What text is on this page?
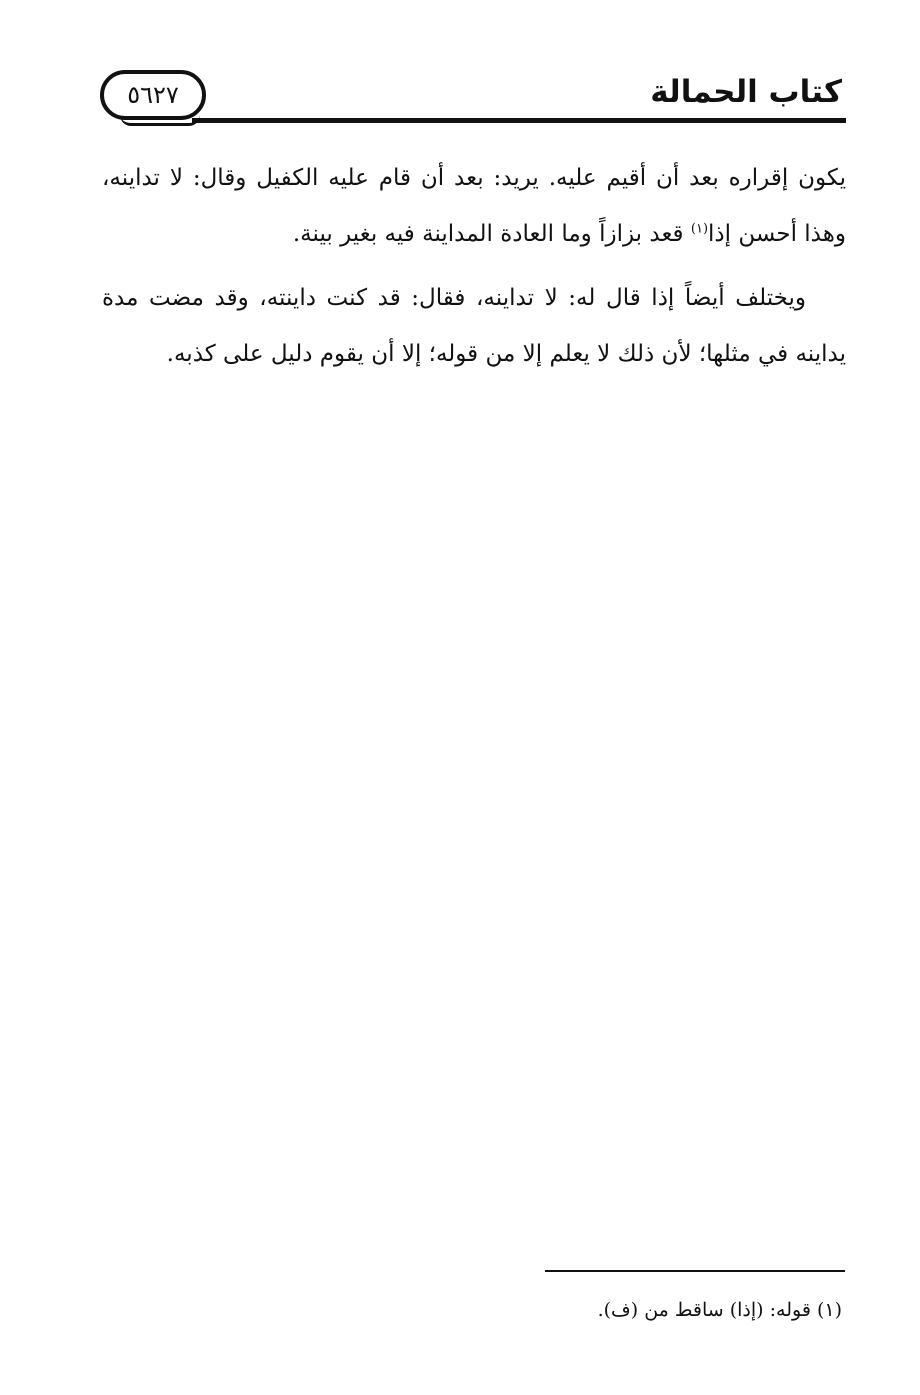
كتاب الحمالة
٥٦٢٧

يكون إقراره بعد أن أقيم عليه. يريد: بعد أن قام عليه الكفيل وقال: لا تداينه، وهذا أحسن إذا$^{(١)}$ قعد بزازاً وما العادة المداينة فيه بغير بينة.

ويختلف أيضاً إذا قال له: لا تداينه، فقال: قد كنت داينته، وقد مضت مدة يداينه في مثلها؛ لأن ذلك لا يعلم إلا من قوله؛ إلا أن يقوم دليل على كذبه.

(١) قوله: (إذا) ساقط من (ف).
